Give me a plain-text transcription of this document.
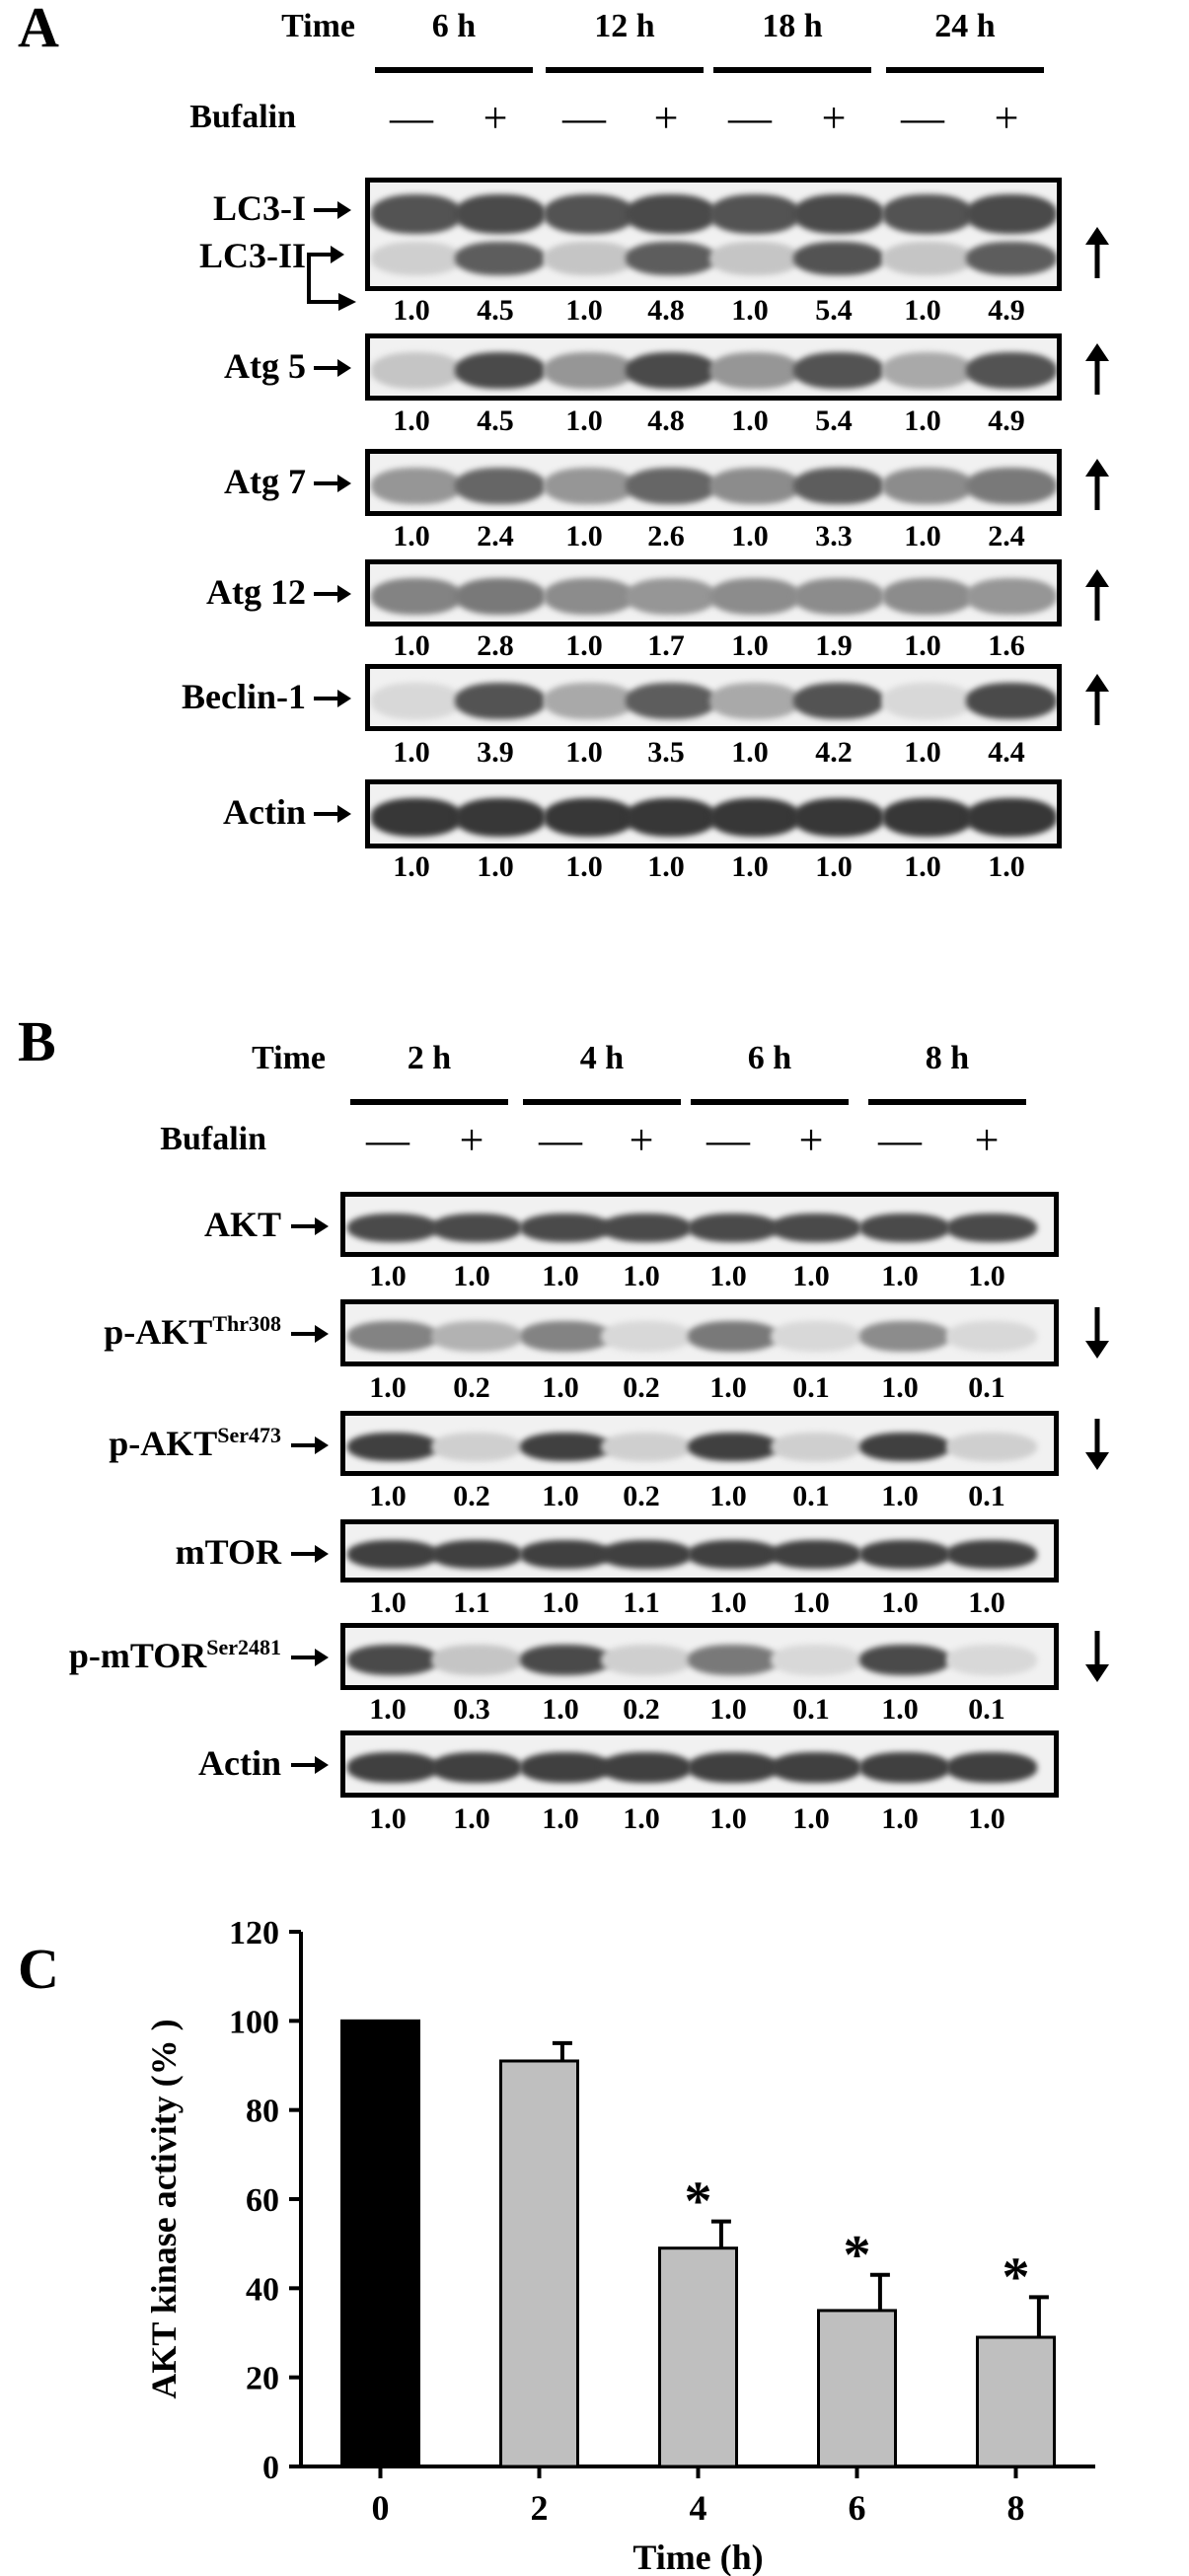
A	Time
Bufalin
B	Time
Bufalin
C
0
20
40
60
80
100
120
0	2
*
4
*
6
*
8
Time (h)
AKT kinase activity (% )
6 h	12 h	18 h	24 h
— + — + — + — +
LC3-I
LC3-II
1.0	4.5	1.0	4.8	1.0	5.4	1.0	4.9
Atg 5
1.0	4.5	1.0	4.8	1.0	5.4	1.0	4.9
Atg 7
1.0	2.4	1.0	2.6	1.0	3.3	1.0	2.4
Atg 12
1.0	2.8	1.0	1.7	1.0	1.9	1.0	1.6
Beclin-1
1.0	3.9	1.0	3.5	1.0	4.2	1.0	4.4
Actin
1.0	1.0	1.0	1.0	1.0	1.0	1.0	1.0
2 h	4 h	6 h	8 h
— + — + — + — +
AKT
1.0	1.0	1.0	1.0	1.0	1.0	1.0	1.0
$p-AKT^{Thr308}$
1.0	0.2	1.0	0.2	1.0	0.1	1.0	0.1
$p-AKT^{Ser473}$
1.0	0.2	1.0	0.2	1.0	0.1	1.0	0.1
mTOR
1.0	1.1	1.0	1.1	1.0	1.0	1.0	1.0
p-mTOR$^{Ser2481}$
1.0	0.3	1.0	0.2	1.0	0.1	1.0	0.1
Actin
1.0	1.0	1.0	1.0	1.0	1.0	1.0	1.0
